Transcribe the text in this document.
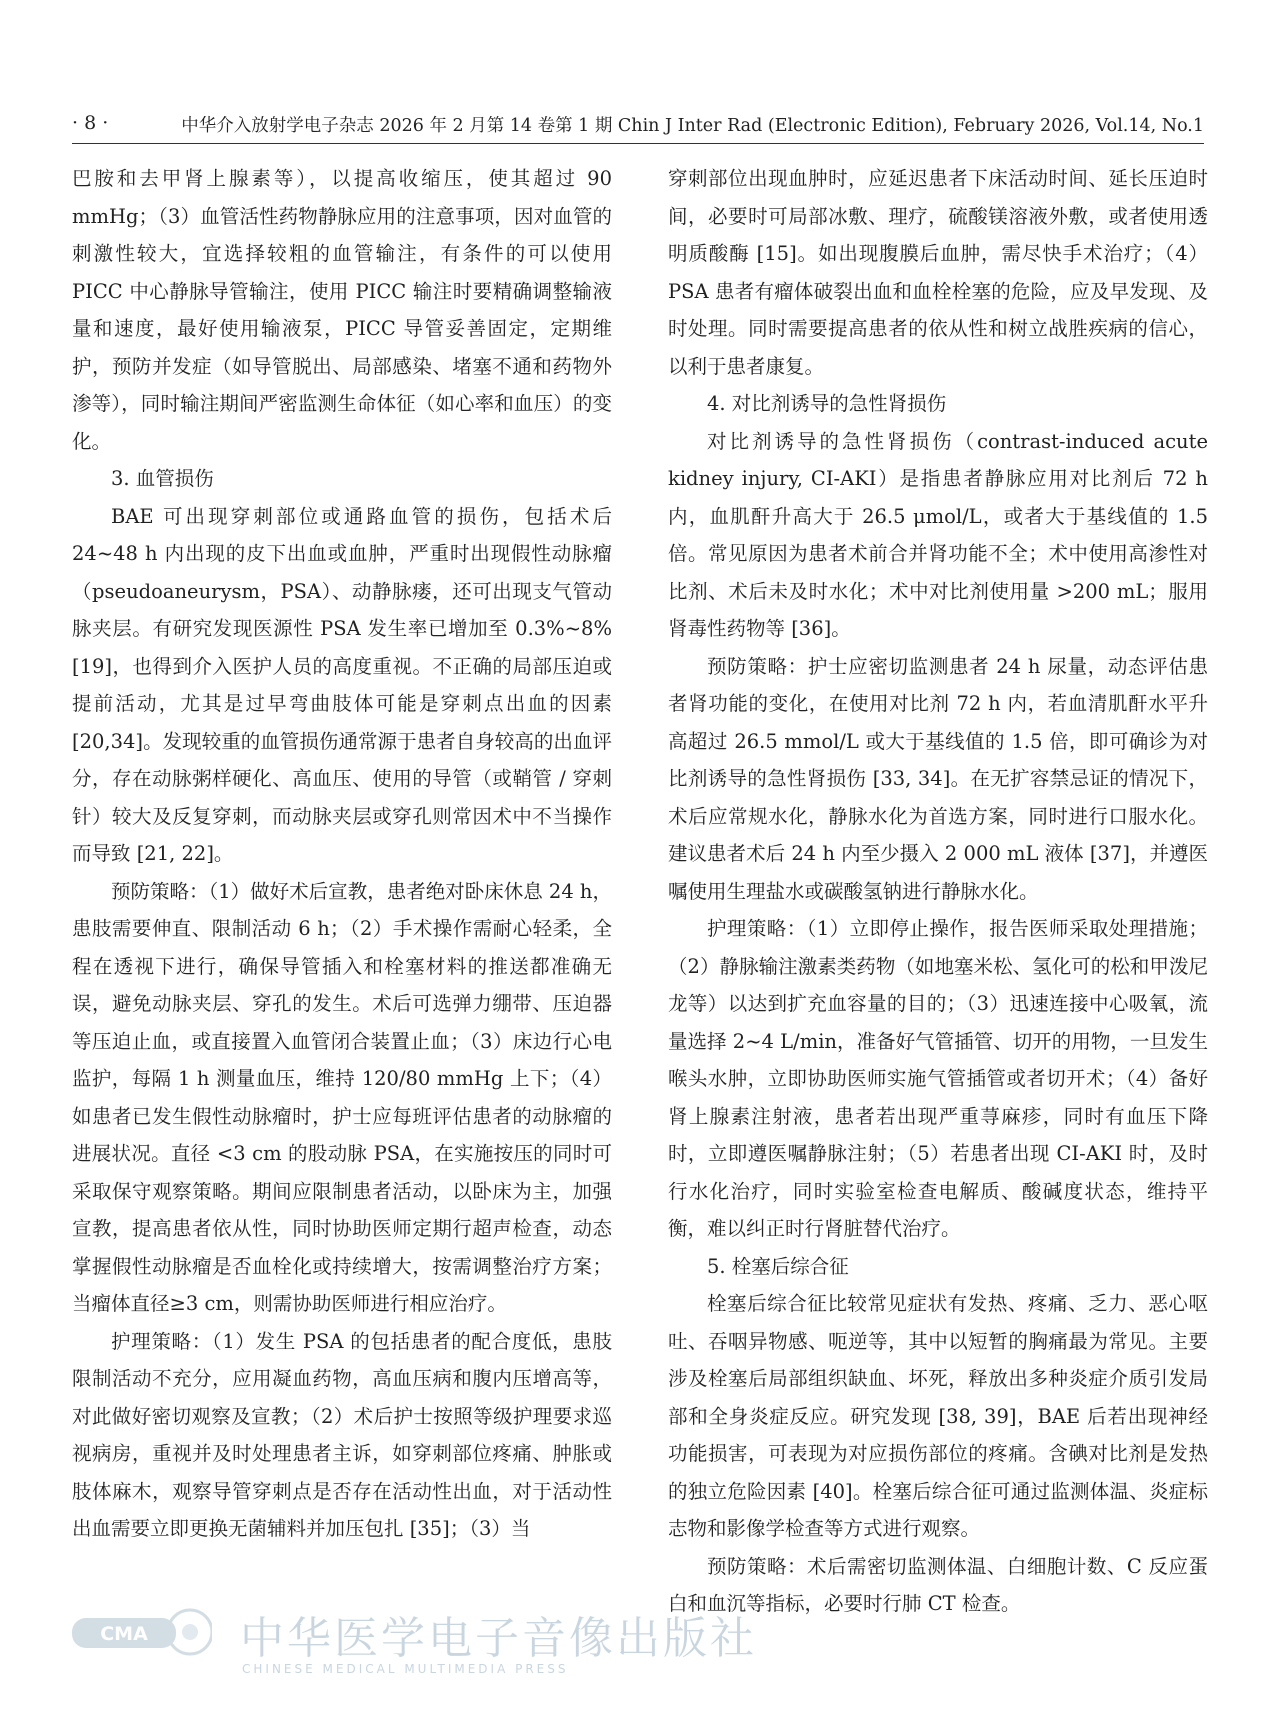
· 8 ·	中华介入放射学电子杂志 2026 年 2 月第 14 卷第 1 期 Chin J Inter Rad (Electronic Edition), February 2026, Vol.14, No.1

巴胺和去甲肾上腺素等），以提高收缩压，使其超过 90 mmHg；（3）血管活性药物静脉应用的注意事项，因对血管的刺激性较大，宜选择较粗的血管输注，有条件的可以使用 PICC 中心静脉导管输注，使用 PICC 输注时要精确调整输液量和速度，最好使用输液泵，PICC 导管妥善固定，定期维护，预防并发症（如导管脱出、局部感染、堵塞不通和药物外渗等），同时输注期间严密监测生命体征（如心率和血压）的变化。

3. 血管损伤

BAE 可出现穿刺部位或通路血管的损伤，包括术后 24~48 h 内出现的皮下出血或血肿，严重时出现假性动脉瘤（pseudoaneurysm，PSA）、动静脉瘘，还可出现支气管动脉夹层。有研究发现医源性 PSA 发生率已增加至 0.3%~8%[19]，也得到介入医护人员的高度重视。不正确的局部压迫或提前活动，尤其是过早弯曲肢体可能是穿刺点出血的因素 [20,34]。发现较重的血管损伤通常源于患者自身较高的出血评分，存在动脉粥样硬化、高血压、使用的导管（或鞘管 / 穿刺针）较大及反复穿刺，而动脉夹层或穿孔则常因术中不当操作而导致 [21, 22]。

预防策略：（1）做好术后宣教，患者绝对卧床休息 24 h，患肢需要伸直、限制活动 6 h；（2）手术操作需耐心轻柔，全程在透视下进行，确保导管插入和栓塞材料的推送都准确无误，避免动脉夹层、穿孔的发生。术后可选弹力绷带、压迫器等压迫止血，或直接置入血管闭合装置止血；（3）床边行心电监护，每隔 1 h 测量血压，维持 120/80 mmHg 上下；（4）如患者已发生假性动脉瘤时，护士应每班评估患者的动脉瘤的进展状况。直径 <3 cm 的股动脉 PSA，在实施按压的同时可采取保守观察策略。期间应限制患者活动，以卧床为主，加强宣教，提高患者依从性，同时协助医师定期行超声检查，动态掌握假性动脉瘤是否血栓化或持续增大，按需调整治疗方案；当瘤体直径≥3 cm，则需协助医师进行相应治疗。

护理策略：（1）发生 PSA 的包括患者的配合度低，患肢限制活动不充分，应用凝血药物，高血压病和腹内压增高等，对此做好密切观察及宣教；（2）术后护士按照等级护理要求巡视病房，重视并及时处理患者主诉，如穿刺部位疼痛、肿胀或肢体麻木，观察导管穿刺点是否存在活动性出血，对于活动性出血需要立即更换无菌辅料并加压包扎 [35]；（3）当

穿刺部位出现血肿时，应延迟患者下床活动时间、延长压迫时间，必要时可局部冰敷、理疗，硫酸镁溶液外敷，或者使用透明质酸酶 [15]。如出现腹膜后血肿，需尽快手术治疗；（4）PSA 患者有瘤体破裂出血和血栓栓塞的危险，应及早发现、及时处理。同时需要提高患者的依从性和树立战胜疾病的信心，以利于患者康复。

4. 对比剂诱导的急性肾损伤

对比剂诱导的急性肾损伤（contrast-induced acute kidney injury, CI-AKI）是指患者静脉应用对比剂后 72 h 内，血肌酐升高大于 26.5 μmol/L，或者大于基线值的 1.5 倍。常见原因为患者术前合并肾功能不全；术中使用高渗性对比剂、术后未及时水化；术中对比剂使用量 >200 mL；服用肾毒性药物等 [36]。

预防策略：护士应密切监测患者 24 h 尿量，动态评估患者肾功能的变化，在使用对比剂 72 h 内，若血清肌酐水平升高超过 26.5 mmol/L 或大于基线值的 1.5 倍，即可确诊为对比剂诱导的急性肾损伤 [33, 34]。在无扩容禁忌证的情况下，术后应常规水化，静脉水化为首选方案，同时进行口服水化。建议患者术后 24 h 内至少摄入 2 000 mL 液体 [37]，并遵医嘱使用生理盐水或碳酸氢钠进行静脉水化。

护理策略：（1）立即停止操作，报告医师采取处理措施；（2）静脉输注激素类药物（如地塞米松、氢化可的松和甲泼尼龙等）以达到扩充血容量的目的；（3）迅速连接中心吸氧，流量选择 2~4 L/min，准备好气管插管、切开的用物，一旦发生喉头水肿，立即协助医师实施气管插管或者切开术；（4）备好肾上腺素注射液，患者若出现严重荨麻疹，同时有血压下降时，立即遵医嘱静脉注射；（5）若患者出现 CI-AKI 时，及时行水化治疗，同时实验室检查电解质、酸碱度状态，维持平衡，难以纠正时行肾脏替代治疗。

5. 栓塞后综合征

栓塞后综合征比较常见症状有发热、疼痛、乏力、恶心呕吐、吞咽异物感、呃逆等，其中以短暂的胸痛最为常见。主要涉及栓塞后局部组织缺血、坏死，释放出多种炎症介质引发局部和全身炎症反应。研究发现 [38, 39]，BAE 后若出现神经功能损害，可表现为对应损伤部位的疼痛。含碘对比剂是发热的独立危险因素 [40]。栓塞后综合征可通过监测体温、炎症标志物和影像学检查等方式进行观察。

预防策略：术后需密切监测体温、白细胞计数、C 反应蛋白和血沉等指标，必要时行肺 CT 检查。

CMA 中华医学电子音像出版社
CHINESE MEDICAL MULTIMEDIA PRESS
